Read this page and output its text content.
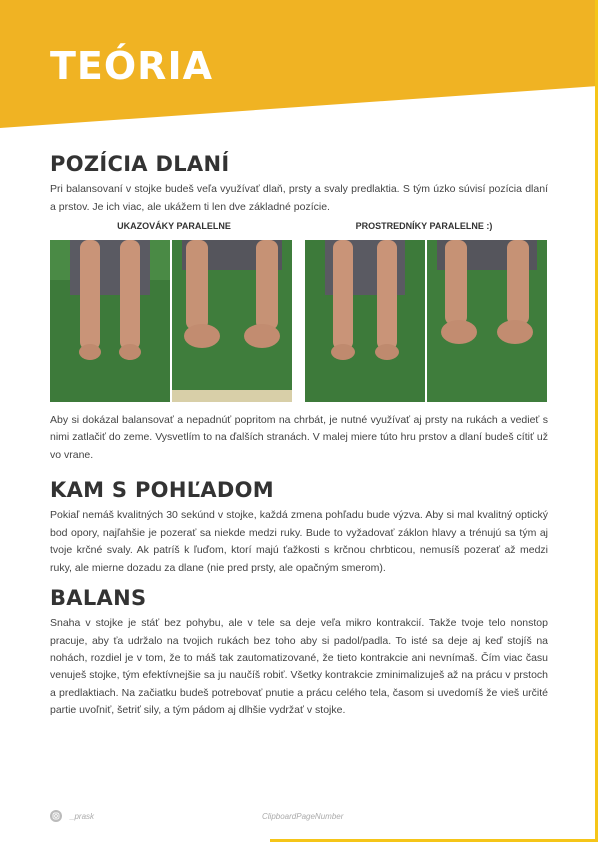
TEÓRIA
POZÍCIA DLANÍ

Pri balansovaní v stojke budeš veľa využívať dlaň, prsty a svaly predlaktia. S tým úzko súvisí pozícia dlaní a prstov. Je ich viac, ale ukážem ti len dve základné pozície.

UKAZOVÁKY PARALELNE	PROSTREDNÍKY PARALELNE :)

Aby si dokázal balansovať a nepadnúť popritom na chrbát, je nutné využívať aj prsty na rukách a vedieť s nimi zatlačiť do zeme. Vysvetlím to na ďalších stranách. V malej miere túto hru prstov a dlaní budeš cítiť už vo vrane.

KAM S POHĽADOM

Pokiaľ nemáš kvalitných 30 sekúnd v stojke, každá zmena pohľadu bude výzva. Aby si mal kvalitný optický bod opory, najľahšie je pozerať sa niekde medzi ruky. Bude to vyžadovať záklon hlavy a trénujú sa tým aj tvoje krčné svaly. Ak patríš k ľuďom, ktorí majú ťažkosti s krčnou chrbticou, nemusíš pozerať až medzi ruky, ale mierne dozadu za dlane (nie pred prsty, ale opačným smerom).

BALANS

Snaha v stojke je stáť bez pohybu, ale v tele sa deje veľa mikro kontrakcií. Takže tvoje telo nonstop pracuje, aby ťa udržalo na tvojich rukách bez toho aby si padol/padla. To isté sa deje aj keď stojíš na nohách, rozdiel je v tom, že to máš tak zautomatizované, že tieto kontrakcie ani nevnímaš. Čím viac času venuješ stojke, tým efektívnejšie sa ju naučíš robiť. Všetky kontrakcie zminimalizuješ až na prácu v prstoch a predlaktiach. Na začiatku budeš potrebovať pnutie a prácu celého tela, časom si uvedomíš že vieš určité partie uvoľniť, šetriť sily, a tým pádom aj dlhšie vydržať v stojke.

_prask	ClipboardPageNumber
